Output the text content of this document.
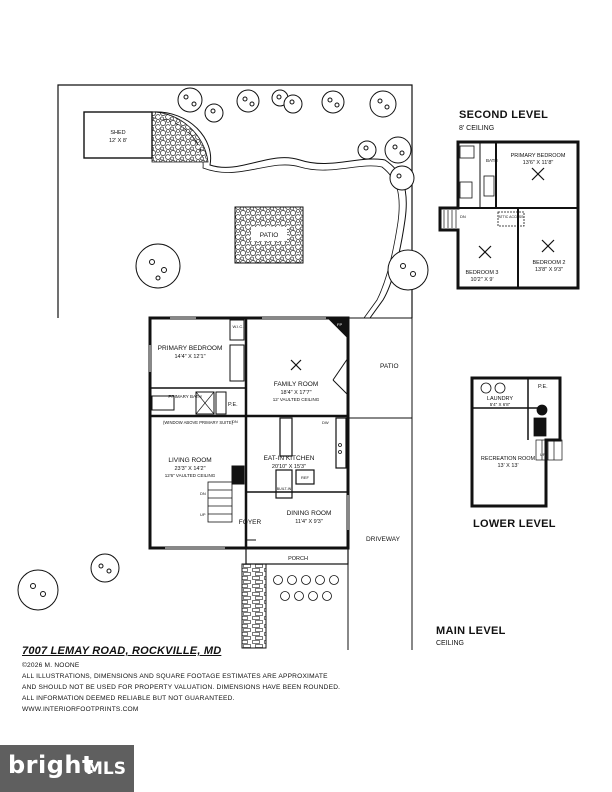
SHED
12' X 8'
PATIO
DRIVEWAY
PRIMARY BEDROOM
14'4" X 12'1"
W.I.C.
PRIMARY BATH
P.E.
FAMILY ROOM
18'4" X 17'7"
12' VAULTED CEILING
FP
PATIO
(WINDOW ABOVE PRIMARY SUITE)
LIVING ROOM
23'3" X 14'2"
12'6" VAULTED CEILING
EAT-IN KITCHEN
20'10" X 15'3"
REF
BUILT-IN
DW
DINING ROOM
11'4" X 9'3"
FOYER
PORCH
DN
UP
DN
SECOND LEVEL
8' CEILING
PRIMARY BEDROOM
13'6" X 11'8"
BATH
ATTIC ACCESS
BEDROOM 2
13'8" X 9'3"
BEDROOM 3
10'2" X 9'
DN
LAUNDRY
5'4" X 6'8"
P.E.
RECREATION ROOM
13' X 13'
UP
LOWER LEVEL
MAIN LEVEL
CEILING
7007 LEMAY ROAD, ROCKVILLE, MD
©2026 M. NOONE
ALL ILLUSTRATIONS, DIMENSIONS AND SQUARE FOOTAGE ESTIMATES ARE APPROXIMATE
AND SHOULD NOT BE USED FOR PROPERTY VALUATION. DIMENSIONS HAVE BEEN ROUNDED.
ALL INFORMATION DEEMED RELIABLE BUT NOT GUARANTEED.
WWW.INTERIORFOOTPRINTS.COM
bright
MLS
